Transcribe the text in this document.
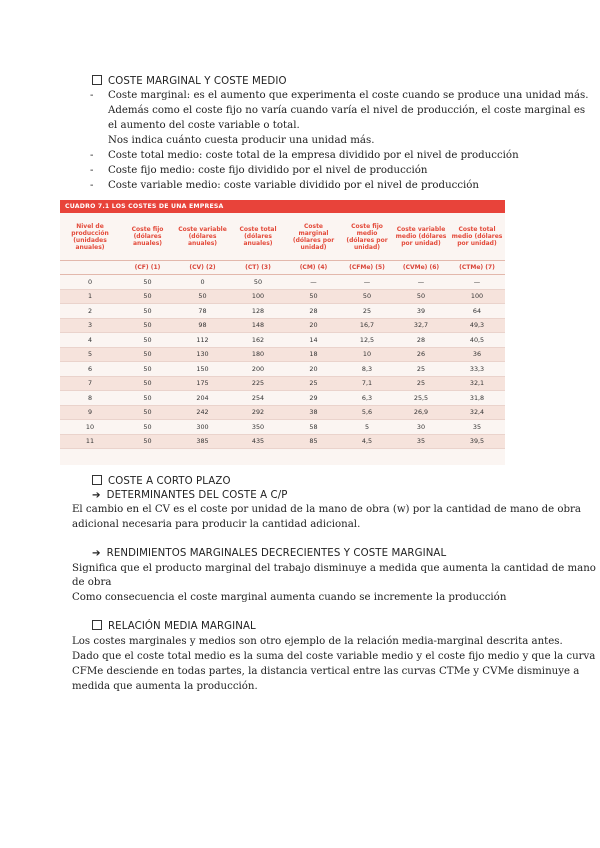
COSTE MARGINAL Y COSTE MEDIO
- Coste marginal: es el aumento que experimenta el coste cuando se produce una unidad más.
Además como el coste fijo no varía cuando varía el nivel de producción, el coste marginal es
el aumento del coste variable o total.
Nos indica cuánto cuesta producir una unidad más.
- Coste total medio: coste total de la empresa dividido por el nivel de producción
- Coste fijo medio: coste fijo dividido por el nivel de producción
- Coste variable medio: coste variable dividido por el nivel de producción
CUADRO 7.1 LOS COSTES DE UNA EMPRESA
Nivel de producción (unidades anuales)	Coste fijo (dólares anuales)	Coste variable (dólares anuales)	Coste total (dólares anuales)	Coste marginal (dólares por unidad)	Coste fijo medio (dólares por unidad)	Coste variable medio (dólares por unidad)	Coste total medio (dólares por unidad)
	(CF) (1)	(CV) (2)	(CT) (3)	(CM) (4)	(CFMe) (5)	(CVMe) (6)	(CTMe) (7)
0	50	0	50	—	—	—	—
1	50	50	100	50	50	50	100
2	50	78	128	28	25	39	64
3	50	98	148	20	16,7	32,7	49,3
4	50	112	162	14	12,5	28	40,5
5	50	130	180	18	10	26	36
6	50	150	200	20	8,3	25	33,3
7	50	175	225	25	7,1	25	32,1
8	50	204	254	29	6,3	25,5	31,8
9	50	242	292	38	5,6	26,9	32,4
10	50	300	350	58	5	30	35
11	50	385	435	85	4,5	35	39,5
COSTE A CORTO PLAZO
➔ DETERMINANTES DEL COSTE A C/P
El cambio en el CV es el coste por unidad de la mano de obra (w) por la cantidad de mano de obra
adicional necesaria para producir la cantidad adicional.
➔ RENDIMIENTOS MARGINALES DECRECIENTES Y COSTE MARGINAL
Significa que el producto marginal del trabajo disminuye a medida que aumenta la cantidad de mano
de obra
Como consecuencia el coste marginal aumenta cuando se incremente la producción
RELACIÓN MEDIA MARGINAL
Los costes marginales y medios son otro ejemplo de la relación media-marginal descrita antes.
Dado que el coste total medio es la suma del coste variable medio y el coste fijo medio y que la curva
CFMe desciende en todas partes, la distancia vertical entre las curvas CTMe y CVMe disminuye a
medida que aumenta la producción.
